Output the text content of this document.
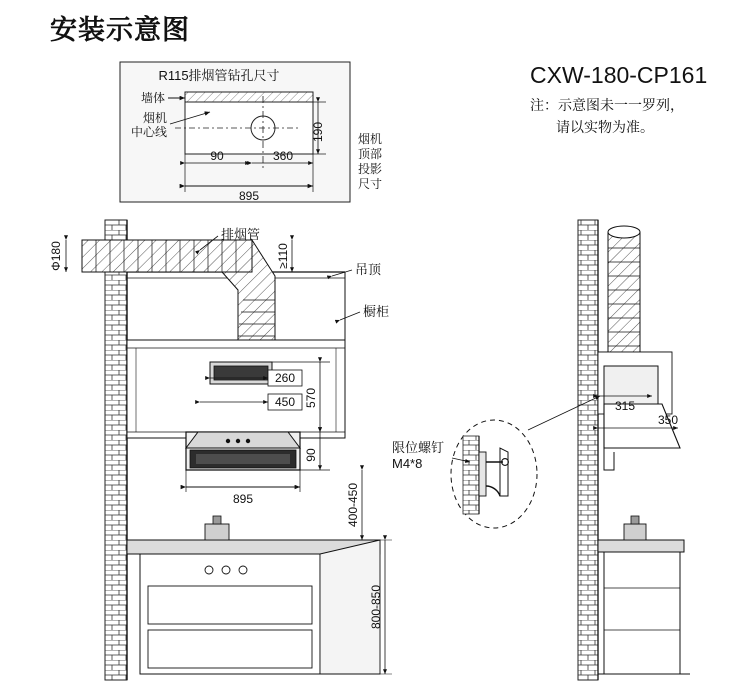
安装示意图
CXW-180-CP161
注：示意图未一一罗列，
请以实物为准。
R115排烟管钻孔尺寸
墙体
烟机
中心线	190
90	360
895
烟机
顶部
投影
尺寸
Φ180	≥110
排烟管
吊顶
橱柜
260
450 570
90
895	400-450
800-850
限位螺钉
M4*8
315
350
